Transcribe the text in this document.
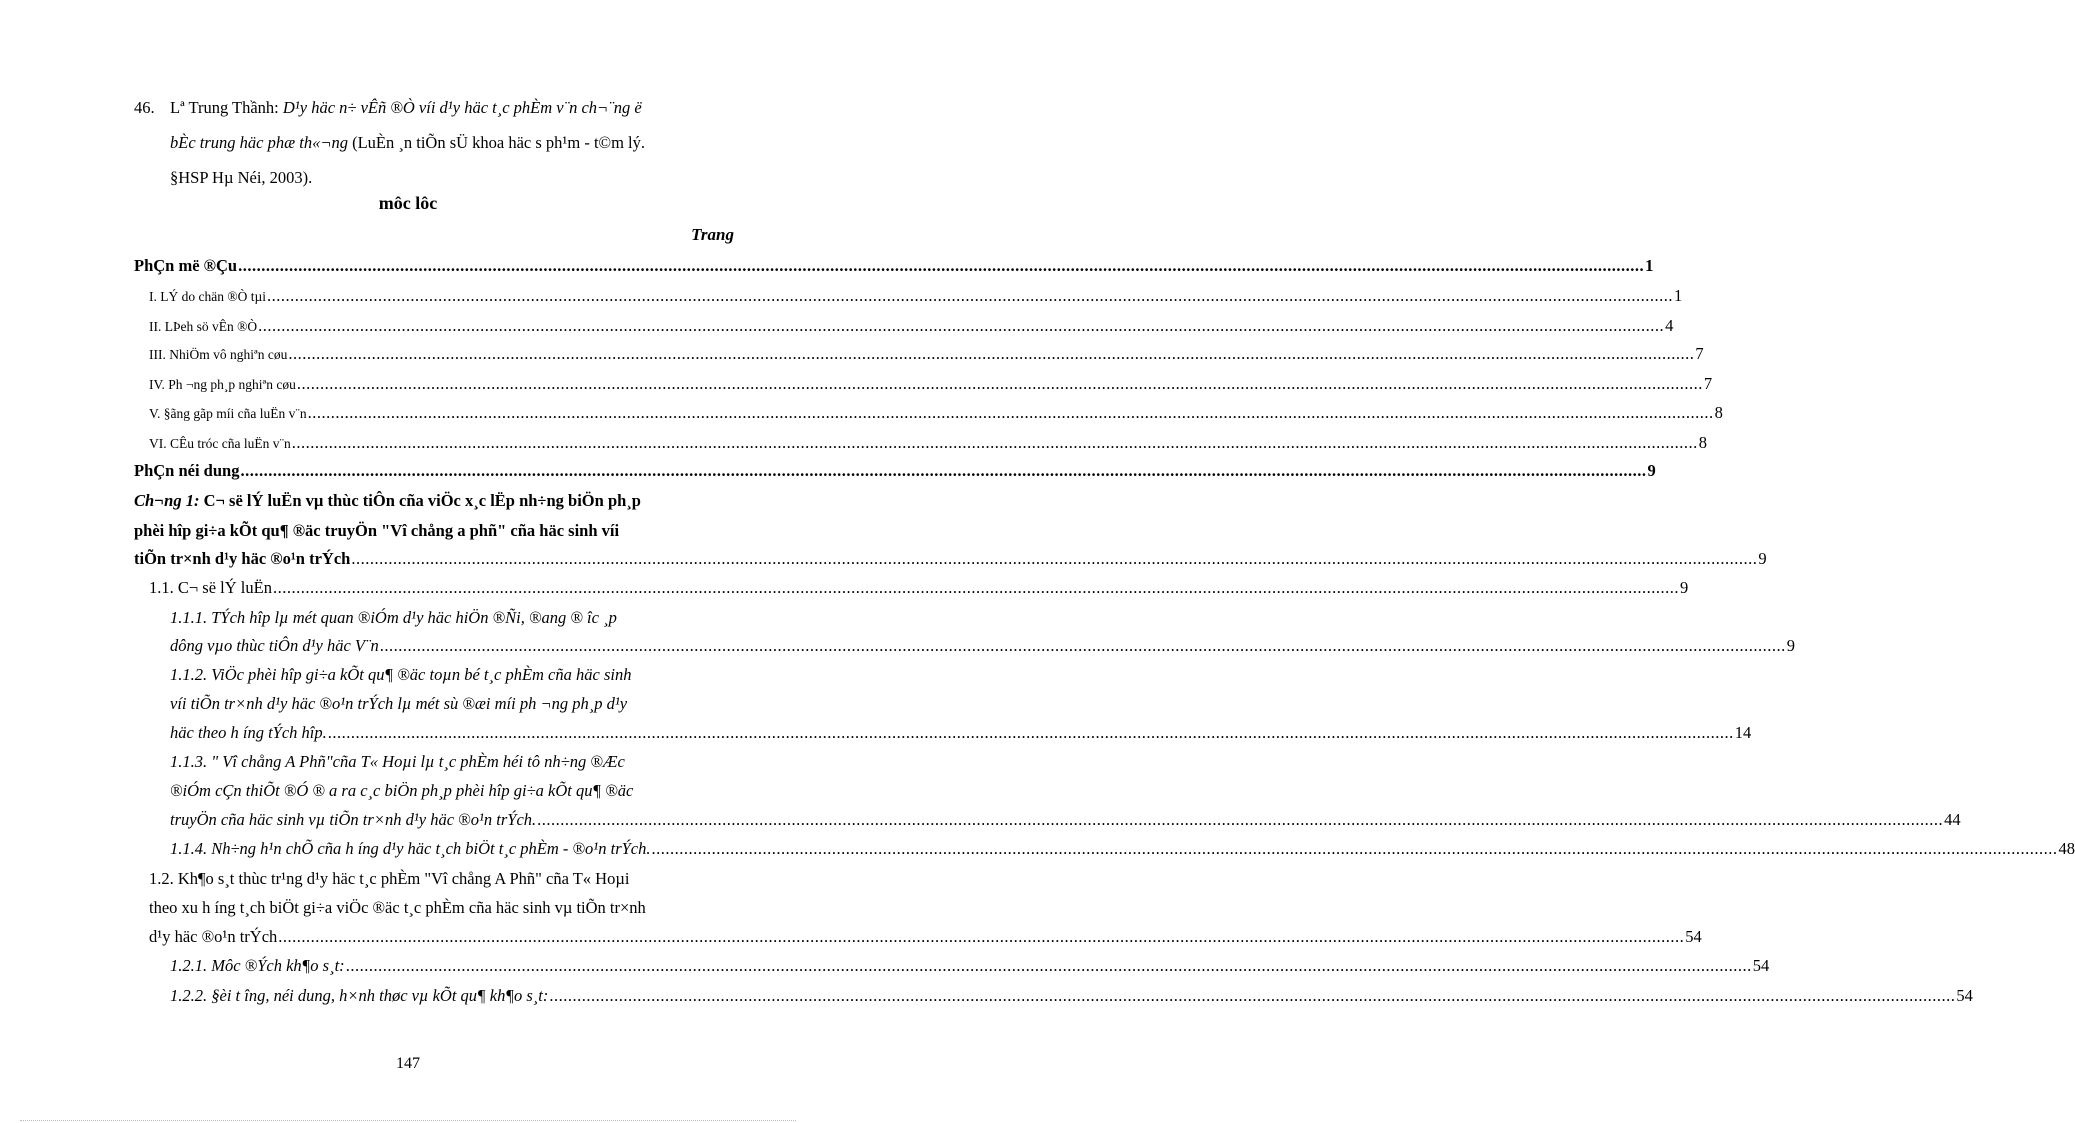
46. Lª Trung Thầnh: D¹y häc n÷ vÊñ ®Ò víi d¹y häc t¸c phÈm v¨n ch¬¨ng ë
bÈc trung häc phæ th«¬ng (LuÈn ¸n tiÕn sÜ khoa häc s ph¹m - t©m lý.
§HSP Hµ Néi, 2003).
môc lôc
Trang
PhÇn më ®Çu .....	1
I. LÝ do chän ®Ò tµi .....	1
II. LÞeh sö vÊn ®Ò .....	4
III. NhiÖm vô nghiªn cøu .....	7
IV. Ph ¬ng ph¸p nghiªn cøu .....	7
V. §ãng gãp míi cña luËn v¨n .....	8
VI. CÊu tróc cña luËn v¨n .....	8
PhÇn néi dung .....	9
Ch¬ng 1: C¬ së lÝ luËn vµ thùc tiÔn cña viÖc x¸c lËp nh÷ng biÖn ph¸p
phèi hîp gi÷a kÕt qu¶ ®äc truyÖn "Vî chång a phñ" cña häc sinh víi
tiÕn tr×nh d¹y häc ®o¹n trÝch .....	9
1.1. C¬ së lÝ luËn .....	9
1.1.1. TÝch hîp lµ mét quan ®iÓm d¹y häc hiÖn ®Ñi, ®ang ® îc ¸p
dông vµo thùc tiÔn d¹y häc V¨n .....	9
1.1.2. ViÖc phèi hîp gi÷a kÕt qu¶ ®äc toµn bé t¸c phÈm cña häc sinh
víi tiÕn tr×nh d¹y häc ®o¹n trÝch lµ mét sù ®æi míi ph ¬ng ph¸p d¹y
häc theo h íng tÝch hîp. .....	14
1.1.3. " Vî chång A Phñ"cña T« Hoµi lµ t¸c phÈm héi tô nh÷ng ®Æc
®iÓm cÇn thiÕt ®Ó ® a ra c¸c biÖn ph¸p phèi hîp gi÷a kÕt qu¶ ®äc
truyÖn cña häc sinh vµ tiÕn tr×nh d¹y häc ®o¹n trÝch. .....	44
1.1.4. Nh÷ng h¹n chÕ cña h íng d¹y häc t¸ch biÖt t¸c phÈm - ®o¹n trÝch. .....	48
1.2. Kh¶o s¸t thùc tr¹ng d¹y häc t¸c phÈm "Vî chång A Phñ" cña T« Hoµi
theo xu h íng t¸ch biÖt gi÷a viÖc ®äc t¸c phÈm cña häc sinh vµ tiÕn tr×nh
d¹y häc ®o¹n trÝch .....	54
1.2.1. Môc ®Ých kh¶o s¸t: .....	54
1.2.2. §èi t îng, néi dung, h×nh thøc vµ kÕt qu¶ kh¶o s¸t: .....	54
147
